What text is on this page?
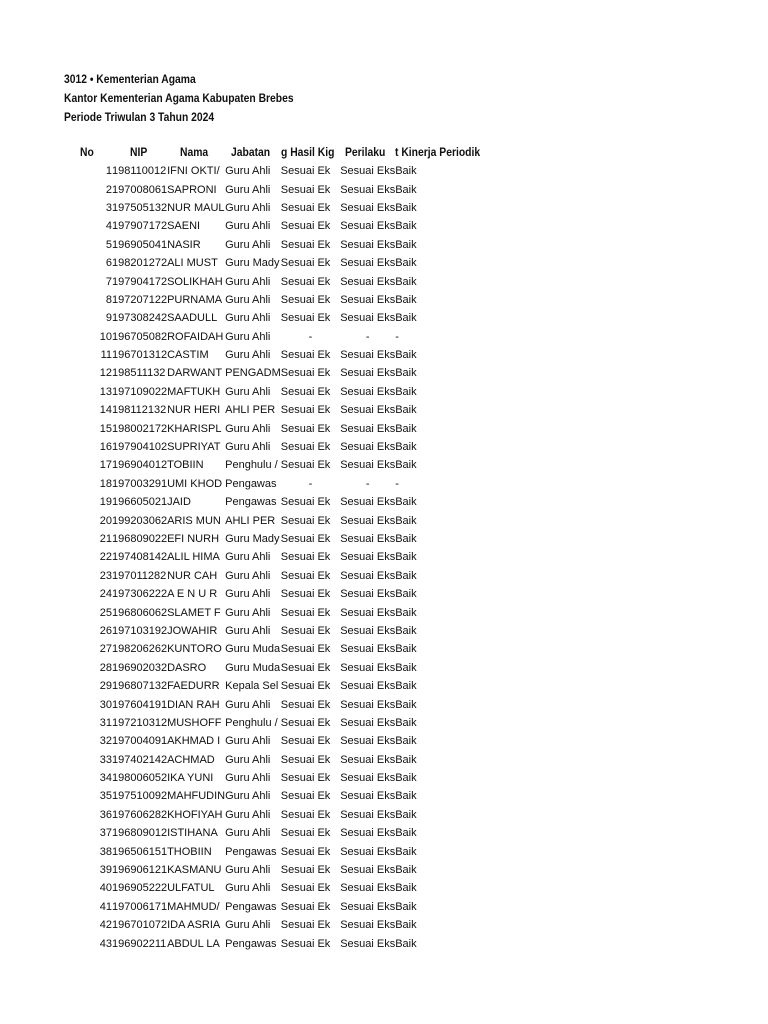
3012 • Kementerian Agama
Kantor Kementerian Agama Kabupaten Brebes
Periode Triwulan 3 Tahun 2024
No	NIP	Nama	Jabatan	g Hasil Kig	Perilaku	t Kinerja Periodik
1	198110012	IFNI OKTI/	Guru Ahli	Sesuai Ek	Sesuai Eks	Baik
2	197008061	SAPRONI	Guru Ahli	Sesuai Ek	Sesuai Eks	Baik
3	197505132	NUR MAUL	Guru Ahli	Sesuai Ek	Sesuai Eks	Baik
4	197907172	SAENI	Guru Ahli	Sesuai Ek	Sesuai Eks	Baik
5	196905041	NASIR	Guru Ahli	Sesuai Ek	Sesuai Eks	Baik
6	198201272	ALI MUST	Guru Mady	Sesuai Ek	Sesuai Eks	Baik
7	197904172	SOLIKHAH	Guru Ahli	Sesuai Ek	Sesuai Eks	Baik
8	197207122	PURNAMA	Guru Ahli	Sesuai Ek	Sesuai Eks	Baik
9	197308242	SAADULL	Guru Ahli	Sesuai Ek	Sesuai Eks	Baik
10	196705082	ROFAIDAH	Guru Ahli	-	-	-
11	196701312	CASTIM	Guru Ahli	Sesuai Ek	Sesuai Eks	Baik
12	198511132	DARWANT	PENGADM	Sesuai Ek	Sesuai Eks	Baik
13	197109022	MAFTUKH	Guru Ahli	Sesuai Ek	Sesuai Eks	Baik
14	198112132	NUR HERI	AHLI PER	Sesuai Ek	Sesuai Eks	Baik
15	198002172	KHARISPL	Guru Ahli	Sesuai Ek	Sesuai Eks	Baik
16	197904102	SUPRIYAT	Guru Ahli	Sesuai Ek	Sesuai Eks	Baik
17	196904012	TOBIIN	Penghulu /	Sesuai Ek	Sesuai Eks	Baik
18	197003291	UMI KHOD	Pengawas	-	-	-
19	196605021	JAID	Pengawas	Sesuai Ek	Sesuai Eks	Baik
20	199203062	ARIS MUN	AHLI PER	Sesuai Ek	Sesuai Eks	Baik
21	196809022	EFI NURH	Guru Mady	Sesuai Ek	Sesuai Eks	Baik
22	197408142	ALIL HIMA	Guru Ahli	Sesuai Ek	Sesuai Eks	Baik
23	197011282	NUR CAH	Guru Ahli	Sesuai Ek	Sesuai Eks	Baik
24	197306222	A E N U R	Guru Ahli	Sesuai Ek	Sesuai Eks	Baik
25	196806062	SLAMET F	Guru Ahli	Sesuai Ek	Sesuai Eks	Baik
26	197103192	JOWAHIR	Guru Ahli	Sesuai Ek	Sesuai Eks	Baik
27	198206262	KUNTORO	Guru Muda	Sesuai Ek	Sesuai Eks	Baik
28	196902032	DASRO	Guru Muda	Sesuai Ek	Sesuai Eks	Baik
29	196807132	FAEDURR	Kepala Sel	Sesuai Ek	Sesuai Eks	Baik
30	197604191	DIAN RAH	Guru Ahli	Sesuai Ek	Sesuai Eks	Baik
31	197210312	MUSHOFF	Penghulu /	Sesuai Ek	Sesuai Eks	Baik
32	197004091	AKHMAD I	Guru Ahli	Sesuai Ek	Sesuai Eks	Baik
33	197402142	ACHMAD	Guru Ahli	Sesuai Ek	Sesuai Eks	Baik
34	198006052	IKA YUNI	Guru Ahli	Sesuai Ek	Sesuai Eks	Baik
35	197510092	MAHFUDIN	Guru Ahli	Sesuai Ek	Sesuai Eks	Baik
36	197606282	KHOFIYAH	Guru Ahli	Sesuai Ek	Sesuai Eks	Baik
37	196809012	ISTIHANA	Guru Ahli	Sesuai Ek	Sesuai Eks	Baik
38	196506151	THOBIIN	Pengawas	Sesuai Ek	Sesuai Eks	Baik
39	196906121	KASMANU	Guru Ahli	Sesuai Ek	Sesuai Eks	Baik
40	196905222	ULFATUL	Guru Ahli	Sesuai Ek	Sesuai Eks	Baik
41	197006171	MAHMUD/	Pengawas	Sesuai Ek	Sesuai Eks	Baik
42	196701072	IDA ASRIA	Guru Ahli	Sesuai Ek	Sesuai Eks	Baik
43	196902211	ABDUL LA	Pengawas	Sesuai Ek	Sesuai Eks	Baik
